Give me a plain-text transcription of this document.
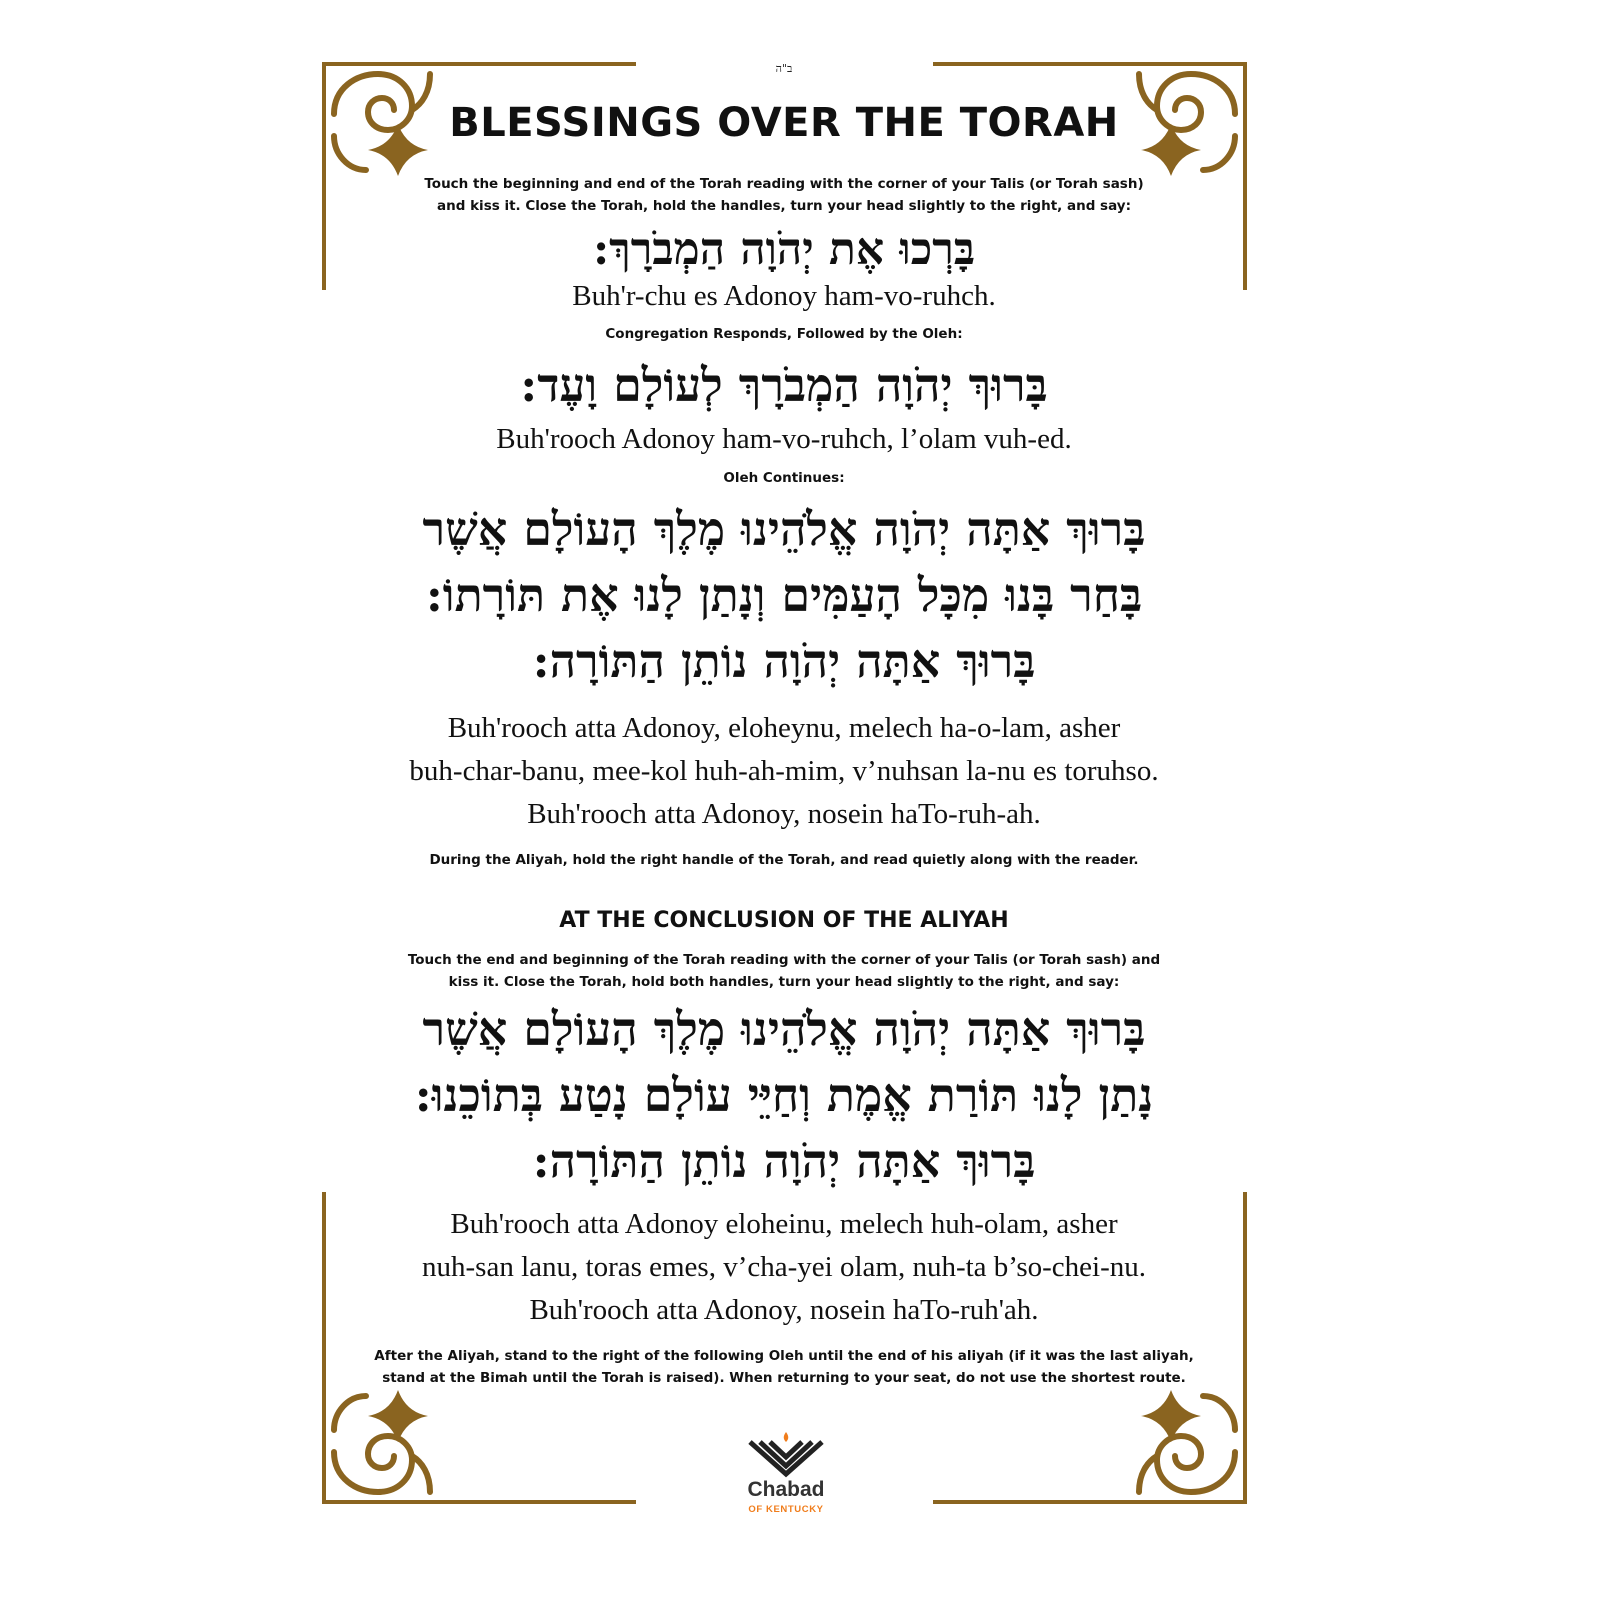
ב"ה
BLESSINGS OVER THE TORAH
Touch the beginning and end of the Torah reading with the corner of your Talis (or Torah sash)
and kiss it. Close the Torah, hold the handles, turn your head slightly to the right, and say:
בָּרְכוּ אֶת יְהֹוָה הַמְבֹרָךְ:
Buh'r-chu es Adonoy ham-vo-ruhch.
Congregation Responds, Followed by the Oleh:
בָּרוּךְ יְהֹוָה הַמְבֹרָךְ לְעוֹלָם וָעֶד:
Buh'rooch Adonoy ham-vo-ruhch, l’olam vuh-ed.
Oleh Continues:
בָּרוּךְ אַתָּה יְהֹוָה אֱלֹהֵינוּ מֶלֶךְ הָעוֹלָם אֲשֶׁר
בָּחַר בָּנוּ מִכָּל הָעַמִּים וְנָתַן לָנוּ אֶת תּוֹרָתוֹ:
בָּרוּךְ אַתָּה יְהֹוָה נוֹתֵן הַתּוֹרָה:
Buh'rooch atta Adonoy, eloheynu, melech ha-o-lam, asher
buh-char-banu, mee-kol huh-ah-mim, v’nuhsan la-nu es toruhso.
Buh'rooch atta Adonoy, nosein haTo-ruh-ah.
During the Aliyah, hold the right handle of the Torah, and read quietly along with the reader.
AT THE CONCLUSION OF THE ALIYAH
Touch the end and beginning of the Torah reading with the corner of your Talis (or Torah sash) and
kiss it. Close the Torah, hold both handles, turn your head slightly to the right, and say:
בָּרוּךְ אַתָּה יְהֹוָה אֱלֹהֵינוּ מֶלֶךְ הָעוֹלָם אֲשֶׁר
נָתַן לָנוּ תּוֹרַת אֱמֶת וְחַיֵּי עוֹלָם נָטַע בְּתוֹכֵנוּ:
בָּרוּךְ אַתָּה יְהֹוָה נוֹתֵן הַתּוֹרָה:
Buh'rooch atta Adonoy eloheinu, melech huh-olam, asher
nuh-san lanu, toras emes, v’cha-yei olam, nuh-ta b’so-chei-nu.
Buh'rooch atta Adonoy, nosein haTo-ruh'ah.
After the Aliyah, stand to the right of the following Oleh until the end of his aliyah (if it was the last aliyah,
stand at the Bimah until the Torah is raised). When returning to your seat, do not use the shortest route.
Chabad
OF KENTUCKY
